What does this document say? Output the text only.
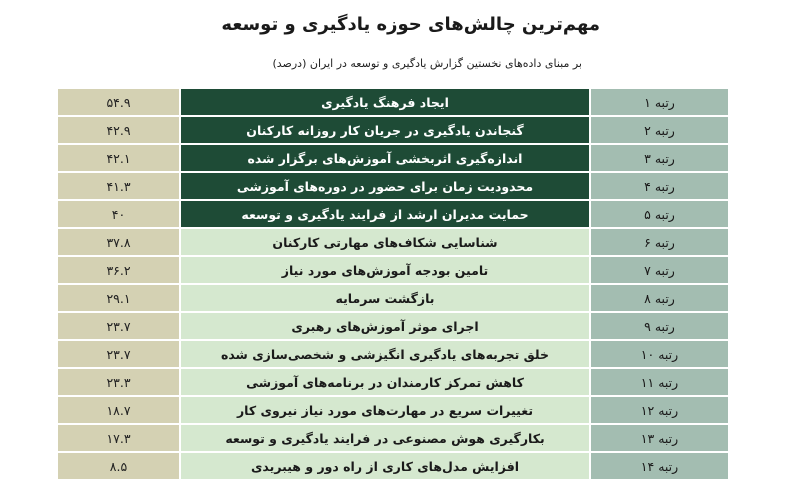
مهم‌ترین چالش‌های حوزه یادگیری و توسعه
بر مبنای داده‌های نخستین گزارش یادگیری و توسعه در ایران (درصد)
۵۴.۹	ایجاد فرهنگ یادگیری	رتبه ۱
۴۲.۹	گنجاندن یادگیری در جریان کار روزانه کارکنان	رتبه ۲
۴۲.۱	اندازه‌گیری اثربخشی آموزش‌های برگزار شده	رتبه ۳
۴۱.۳	محدودیت زمان برای حضور در دوره‌های آموزشی	رتبه ۴
۴۰	حمایت مدیران ارشد از فرایند یادگیری و توسعه	رتبه ۵
۳۷.۸	شناسایی شکاف‌های مهارتی کارکنان	رتبه ۶
۳۶.۲	تامین بودجه آموزش‌های مورد نیاز	رتبه ۷
۲۹.۱	بازگشت سرمایه	رتبه ۸
۲۳.۷	اجرای موثر آموزش‌های رهبری	رتبه ۹
۲۳.۷	خلق تجربه‌های یادگیری انگیزشی و شخصی‌سازی شده	رتبه ۱۰
۲۳.۳	کاهش تمرکز کارمندان در برنامه‌های آموزشی	رتبه ۱۱
۱۸.۷	تغییرات سریع در مهارت‌های مورد نیاز نیروی کار	رتبه ۱۲
۱۷.۳	بکارگیری هوش مصنوعی در فرایند یادگیری و توسعه	رتبه ۱۳
۸.۵	افزایش مدل‌های کاری از راه دور و هیبریدی	رتبه ۱۴
